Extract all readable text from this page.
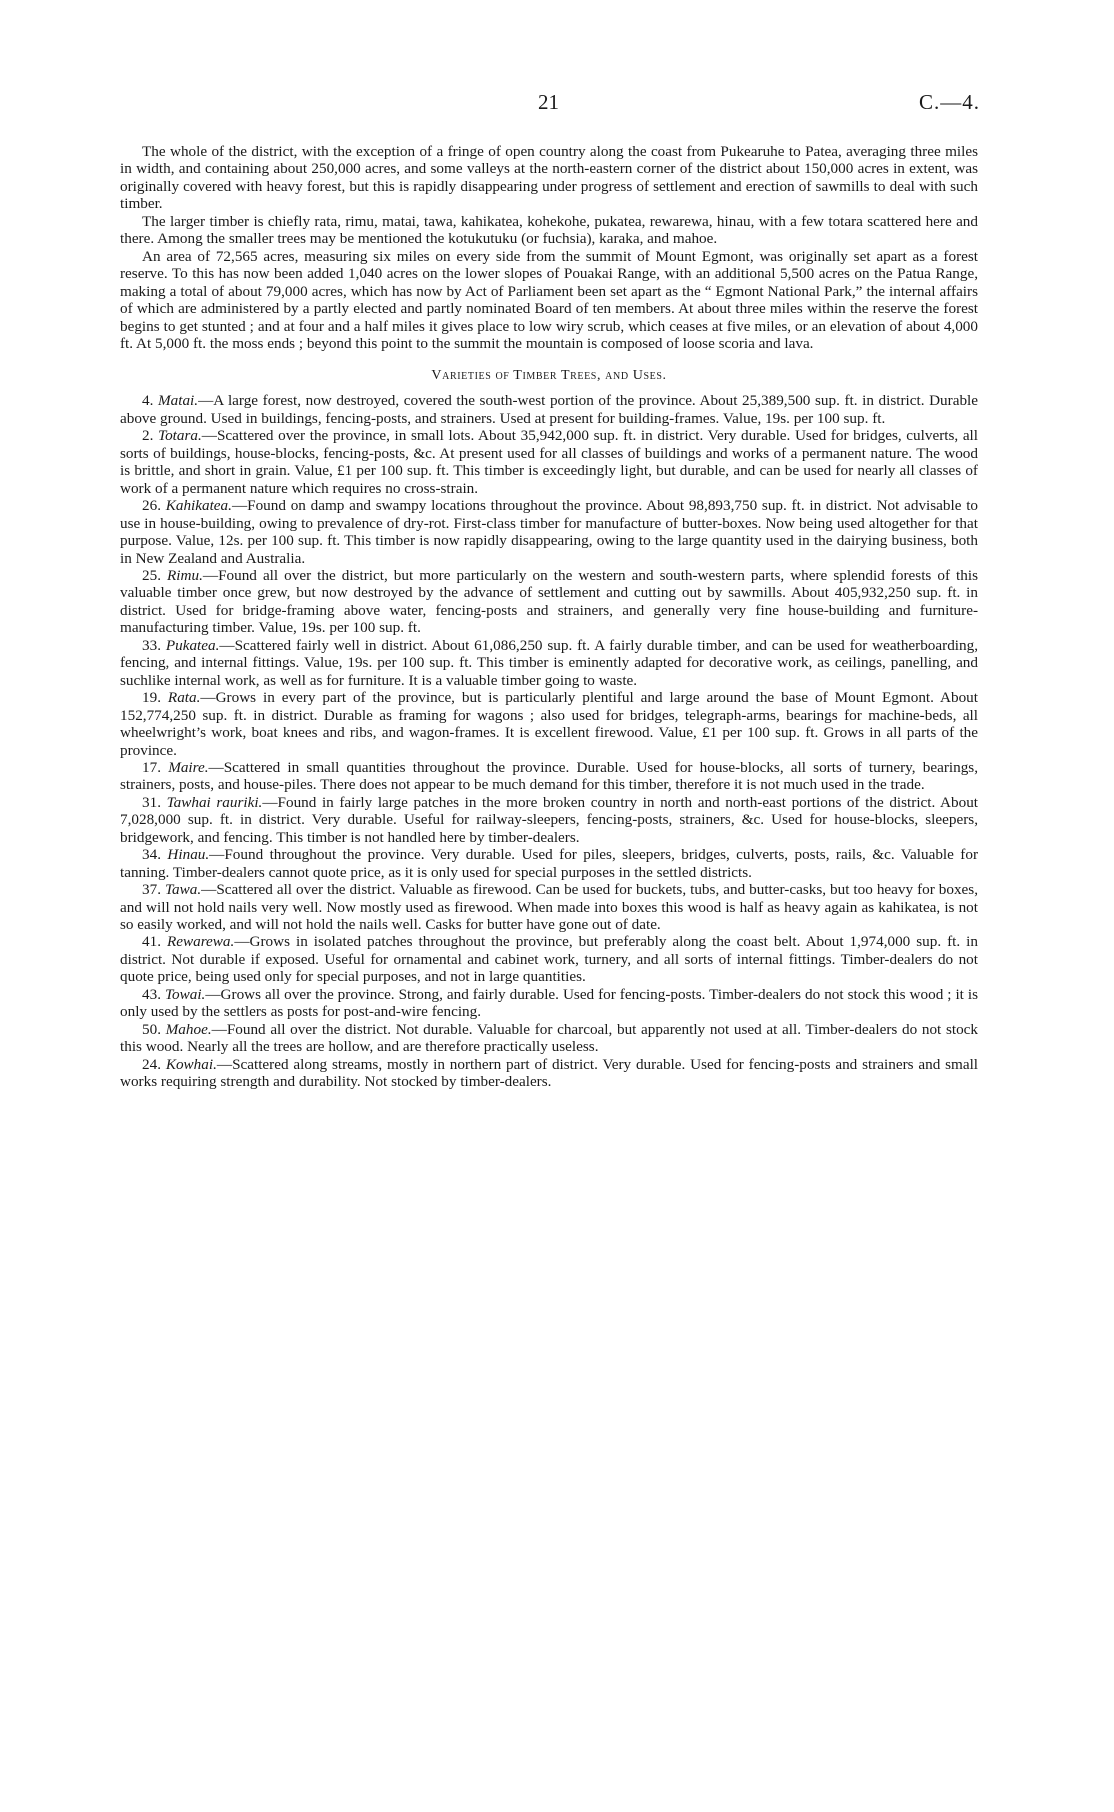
21	C.—4.

The whole of the district, with the exception of a fringe of open country along the coast from Pukearuhe to Patea, averaging three miles in width, and containing about 250,000 acres, and some valleys at the north-eastern corner of the district about 150,000 acres in extent, was originally covered with heavy forest, but this is rapidly disappearing under progress of settlement and erection of sawmills to deal with such timber.

The larger timber is chiefly rata, rimu, matai, tawa, kahikatea, kohekohe, pukatea, rewarewa, hinau, with a few totara scattered here and there. Among the smaller trees may be mentioned the kotukutuku (or fuchsia), karaka, and mahoe.

An area of 72,565 acres, measuring six miles on every side from the summit of Mount Egmont, was originally set apart as a forest reserve. To this has now been added 1,040 acres on the lower slopes of Pouakai Range, with an additional 5,500 acres on the Patua Range, making a total of about 79,000 acres, which has now by Act of Parliament been set apart as the “ Egmont National Park,” the internal affairs of which are administered by a partly elected and partly nominated Board of ten members. At about three miles within the reserve the forest begins to get stunted ; and at four and a half miles it gives place to low wiry scrub, which ceases at five miles, or an elevation of about 4,000 ft. At 5,000 ft. the moss ends ; beyond this point to the summit the mountain is composed of loose scoria and lava.

Varieties of Timber Trees, and Uses.

4. Matai.—A large forest, now destroyed, covered the south-west portion of the province. About 25,389,500 sup. ft. in district. Durable above ground. Used in buildings, fencing-posts, and strainers. Used at present for building-frames. Value, 19s. per 100 sup. ft.

2. Totara.—Scattered over the province, in small lots. About 35,942,000 sup. ft. in district. Very durable. Used for bridges, culverts, all sorts of buildings, house-blocks, fencing-posts, &c. At present used for all classes of buildings and works of a permanent nature. The wood is brittle, and short in grain. Value, £1 per 100 sup. ft. This timber is exceedingly light, but durable, and can be used for nearly all classes of work of a permanent nature which requires no cross-strain.

26. Kahikatea.—Found on damp and swampy locations throughout the province. About 98,893,750 sup. ft. in district. Not advisable to use in house-building, owing to prevalence of dry-rot. First-class timber for manufacture of butter-boxes. Now being used altogether for that purpose. Value, 12s. per 100 sup. ft. This timber is now rapidly disappearing, owing to the large quantity used in the dairying business, both in New Zealand and Australia.

25. Rimu.—Found all over the district, but more particularly on the western and south-western parts, where splendid forests of this valuable timber once grew, but now destroyed by the advance of settlement and cutting out by sawmills. About 405,932,250 sup. ft. in district. Used for bridge-framing above water, fencing-posts and strainers, and generally very fine house-building and furniture-manufacturing timber. Value, 19s. per 100 sup. ft.

33. Pukatea.—Scattered fairly well in district. About 61,086,250 sup. ft. A fairly durable timber, and can be used for weatherboarding, fencing, and internal fittings. Value, 19s. per 100 sup. ft. This timber is eminently adapted for decorative work, as ceilings, panelling, and suchlike internal work, as well as for furniture. It is a valuable timber going to waste.

19. Rata.—Grows in every part of the province, but is particularly plentiful and large around the base of Mount Egmont. About 152,774,250 sup. ft. in district. Durable as framing for wagons ; also used for bridges, telegraph-arms, bearings for machine-beds, all wheelwright’s work, boat knees and ribs, and wagon-frames. It is excellent firewood. Value, £1 per 100 sup. ft. Grows in all parts of the province.

17. Maire.—Scattered in small quantities throughout the province. Durable. Used for house-blocks, all sorts of turnery, bearings, strainers, posts, and house-piles. There does not appear to be much demand for this timber, therefore it is not much used in the trade.

31. Tawhai rauriki.—Found in fairly large patches in the more broken country in north and north-east portions of the district. About 7,028,000 sup. ft. in district. Very durable. Useful for railway-sleepers, fencing-posts, strainers, &c. Used for house-blocks, sleepers, bridgework, and fencing. This timber is not handled here by timber-dealers.

34. Hinau.—Found throughout the province. Very durable. Used for piles, sleepers, bridges, culverts, posts, rails, &c. Valuable for tanning. Timber-dealers cannot quote price, as it is only used for special purposes in the settled districts.

37. Tawa.—Scattered all over the district. Valuable as firewood. Can be used for buckets, tubs, and butter-casks, but too heavy for boxes, and will not hold nails very well. Now mostly used as firewood. When made into boxes this wood is half as heavy again as kahikatea, is not so easily worked, and will not hold the nails well. Casks for butter have gone out of date.

41. Rewarewa.—Grows in isolated patches throughout the province, but preferably along the coast belt. About 1,974,000 sup. ft. in district. Not durable if exposed. Useful for ornamental and cabinet work, turnery, and all sorts of internal fittings. Timber-dealers do not quote price, being used only for special purposes, and not in large quantities.

43. Towai.—Grows all over the province. Strong, and fairly durable. Used for fencing-posts. Timber-dealers do not stock this wood ; it is only used by the settlers as posts for post-and-wire fencing.

50. Mahoe.—Found all over the district. Not durable. Valuable for charcoal, but apparently not used at all. Timber-dealers do not stock this wood. Nearly all the trees are hollow, and are therefore practically useless.

24. Kowhai.—Scattered along streams, mostly in northern part of district. Very durable. Used for fencing-posts and strainers and small works requiring strength and durability. Not stocked by timber-dealers.
